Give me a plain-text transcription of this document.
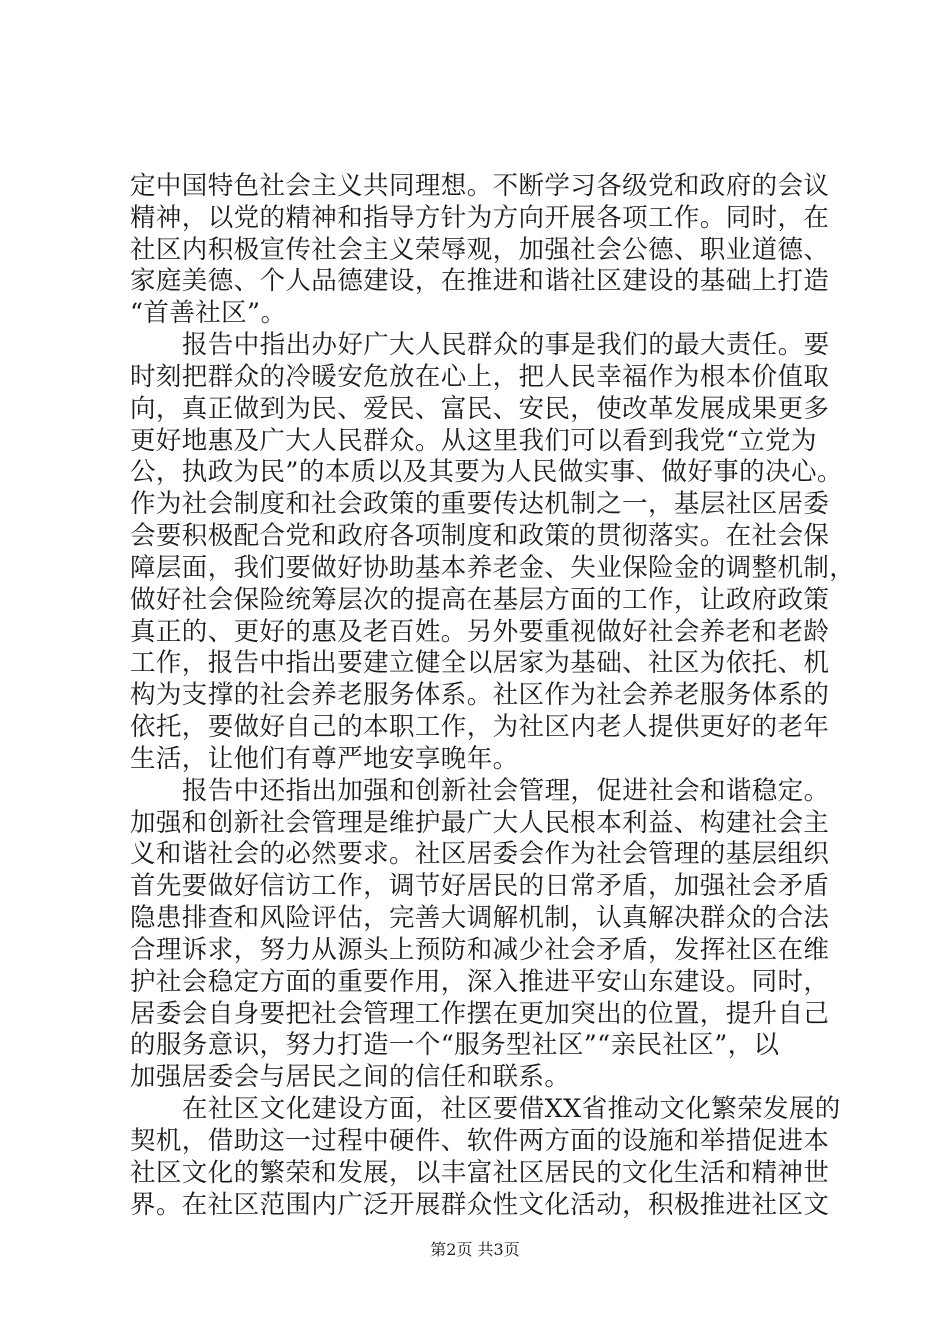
定中国特色社会主义共同理想。不断学习各级党和政府的会议
精神，以党的精神和指导方针为方向开展各项工作。同时，在
社区内积极宣传社会主义荣辱观，加强社会公德、职业道德、
家庭美德、个人品德建设，在推进和谐社区建设的基础上打造
“首善社区”。
报告中指出办好广大人民群众的事是我们的最大责任。要
时刻把群众的冷暖安危放在心上，把人民幸福作为根本价值取
向，真正做到为民、爱民、富民、安民，使改革发展成果更多
更好地惠及广大人民群众。从这里我们可以看到我党“立党为
公，执政为民”的本质以及其要为人民做实事、做好事的决心。
作为社会制度和社会政策的重要传达机制之一，基层社区居委
会要积极配合党和政府各项制度和政策的贯彻落实。在社会保
障层面，我们要做好协助基本养老金、失业保险金的调整机制，
做好社会保险统筹层次的提高在基层方面的工作，让政府政策
真正的、更好的惠及老百姓。另外要重视做好社会养老和老龄
工作，报告中指出要建立健全以居家为基础、社区为依托、机
构为支撑的社会养老服务体系。社区作为社会养老服务体系的
依托，要做好自己的本职工作，为社区内老人提供更好的老年
生活，让他们有尊严地安享晚年。
报告中还指出加强和创新社会管理，促进社会和谐稳定。
加强和创新社会管理是维护最广大人民根本利益、构建社会主
义和谐社会的必然要求。社区居委会作为社会管理的基层组织
首先要做好信访工作，调节好居民的日常矛盾，加强社会矛盾
隐患排查和风险评估，完善大调解机制，认真解决群众的合法
合理诉求，努力从源头上预防和减少社会矛盾，发挥社区在维
护社会稳定方面的重要作用，深入推进平安山东建设。同时，
居委会自身要把社会管理工作摆在更加突出的位置，提升自己
的服务意识，努力打造一个“服务型社区”“亲民社区”，以
加强居委会与居民之间的信任和联系。
在社区文化建设方面，社区要借XX省推动文化繁荣发展的
契机，借助这一过程中硬件、软件两方面的设施和举措促进本
社区文化的繁荣和发展，以丰富社区居民的文化生活和精神世
界。在社区范围内广泛开展群众性文化活动，积极推进社区文
第2页 共3页
